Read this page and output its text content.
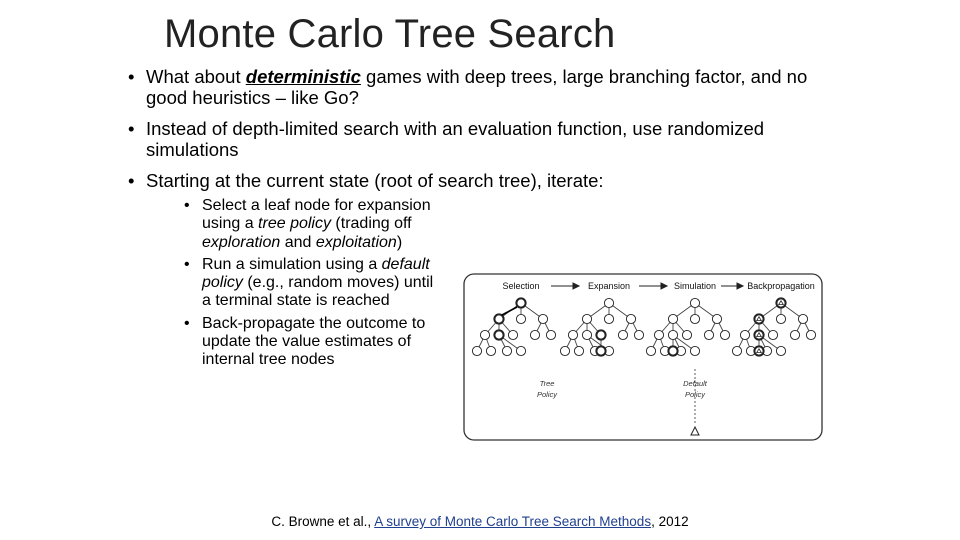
Monte Carlo Tree Search
• What about deterministic games with deep trees, large branching factor, and no good heuristics – like Go?
• Instead of depth-limited search with an evaluation function, use randomized simulations
• Starting at the current state (root of search tree), iterate:
• Select a leaf node for expansion using a tree policy (trading off exploration and exploitation)
• Run a simulation using a default policy (e.g., random moves) until a terminal state is reached
• Back-propagate the outcome to update the value estimates of internal tree nodes
Selection	Expansion	Simulation	Backpropagation
Tree
Policy
Default
Policy
C. Browne et al., A survey of Monte Carlo Tree Search Methods, 2012
